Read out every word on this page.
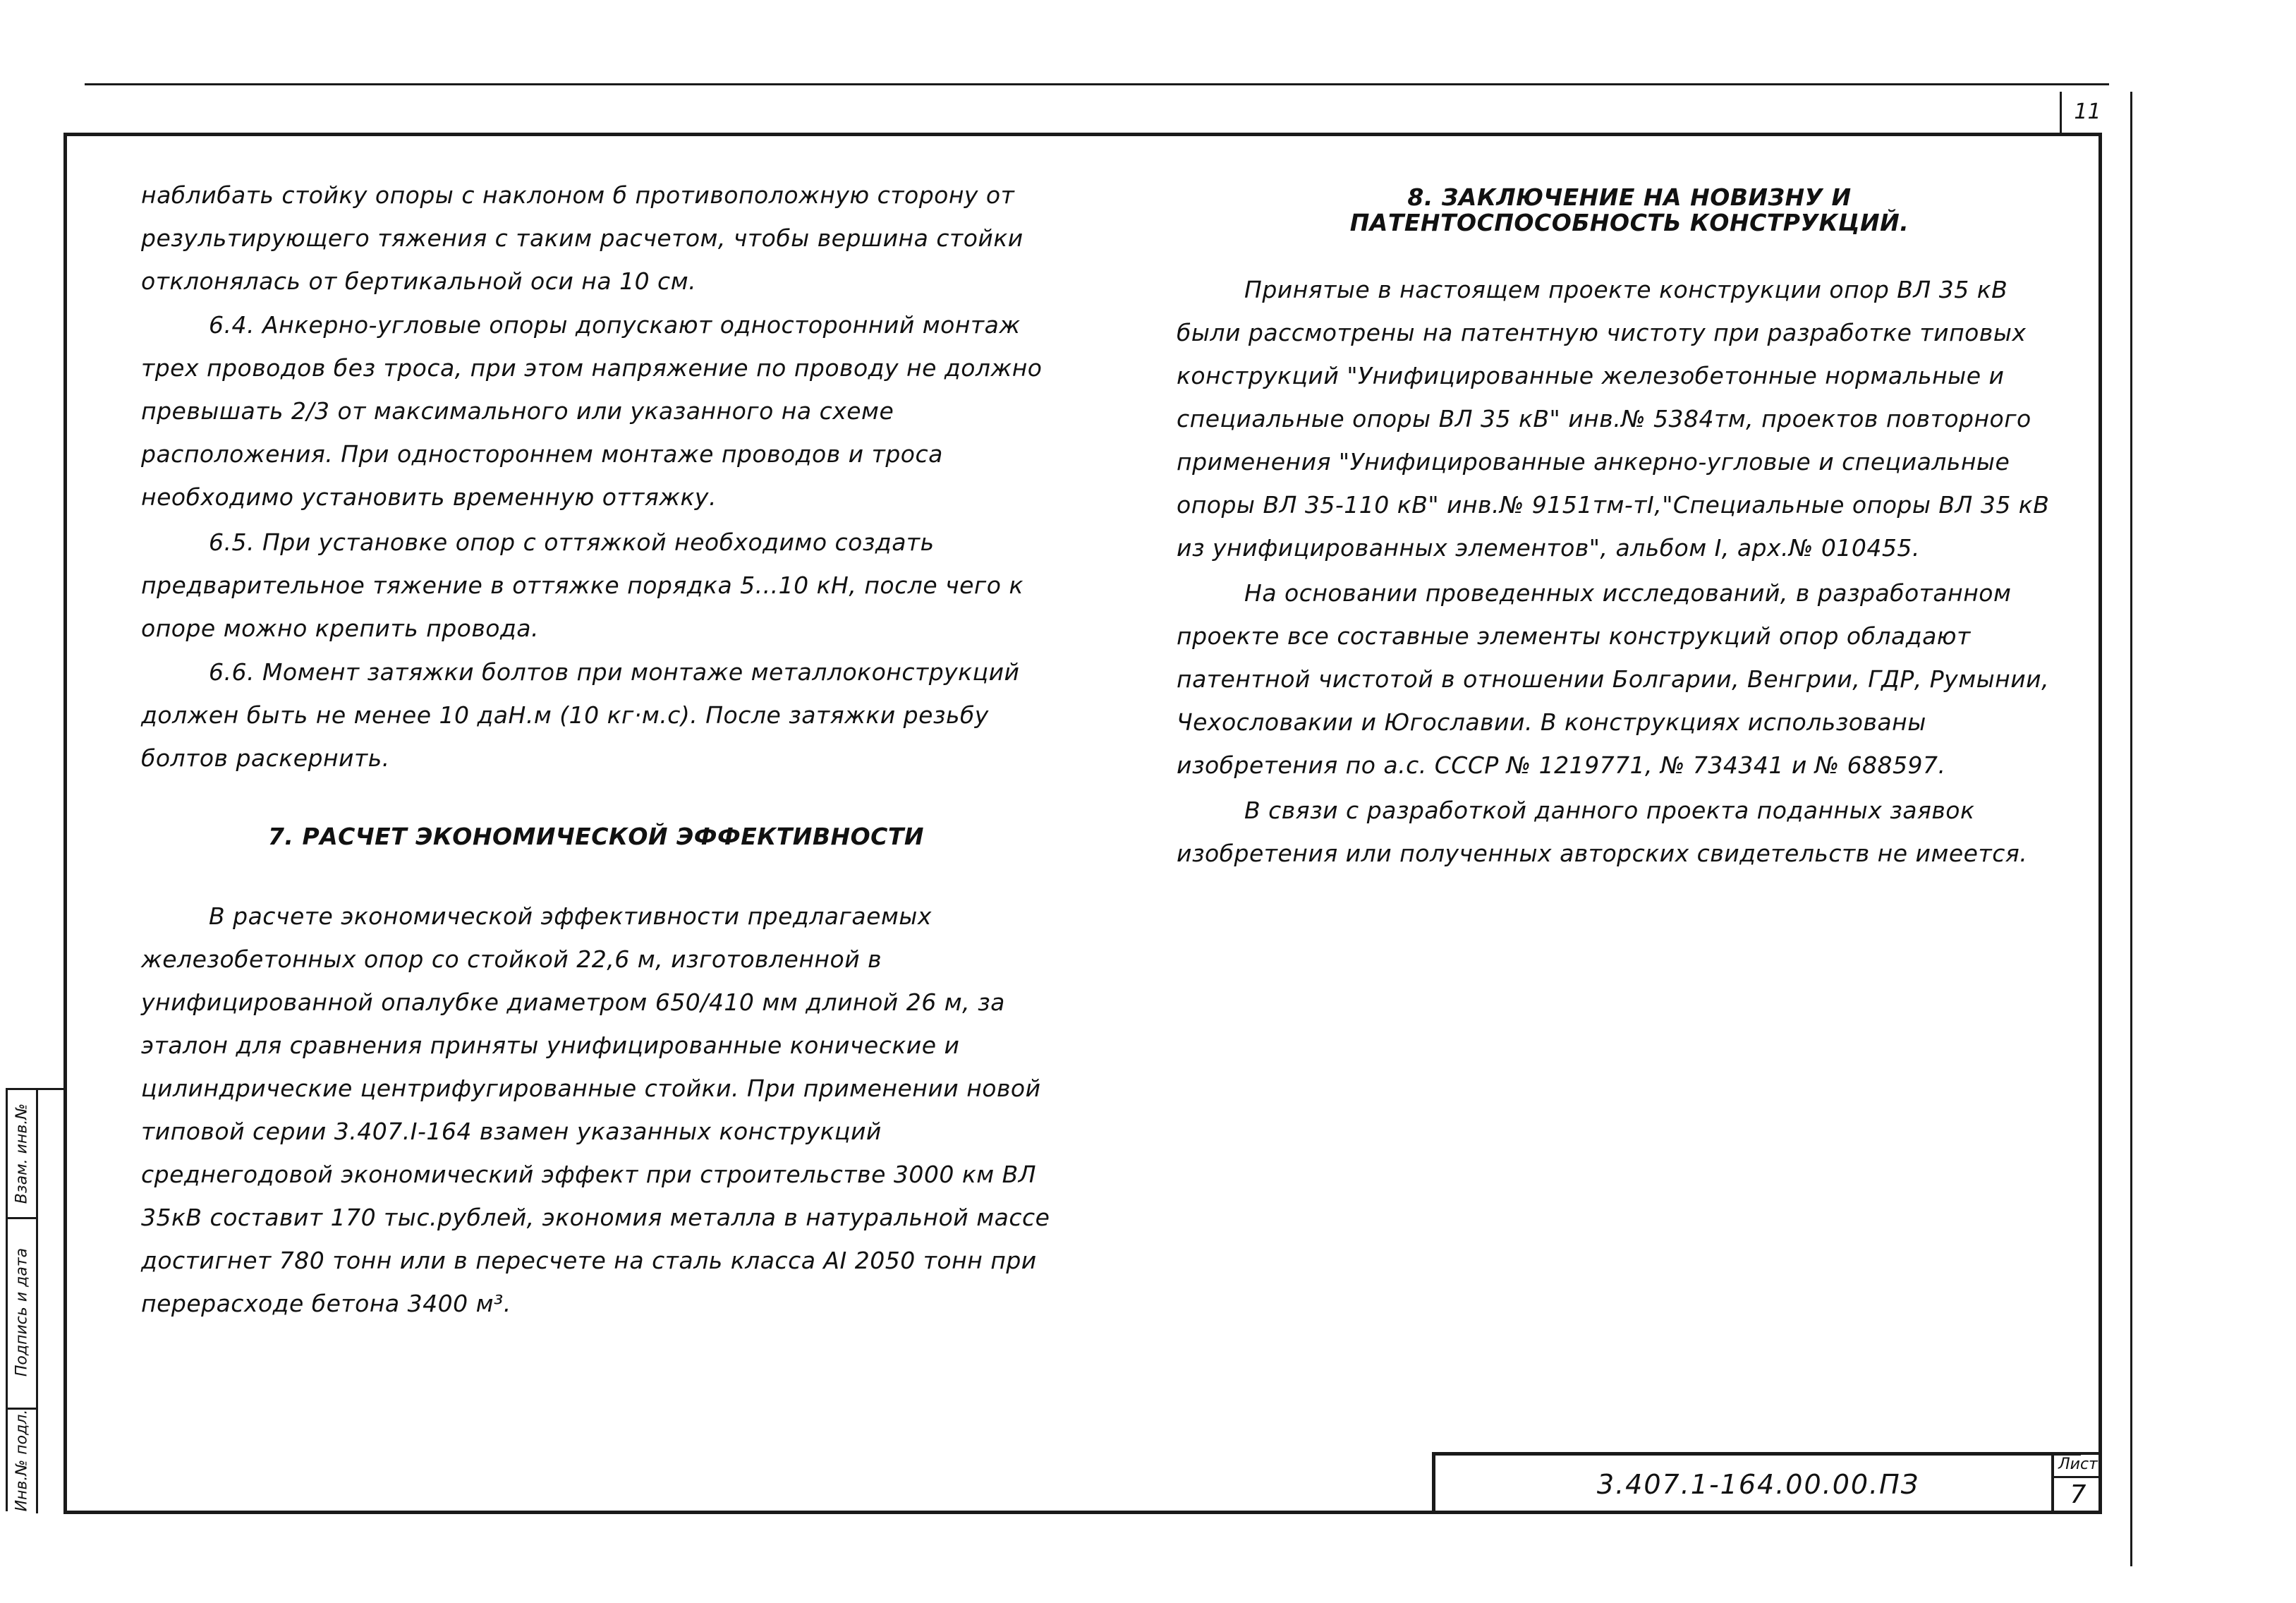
11

наблибать стойку опоры с наклоном б противоположную сторону от результирующего тяжения с таким расчетом, чтобы вершина стойки отклонялась от бертикальной оси на 10 см.

6.4. Анкерно-угловые опоры допускают односторонний монтаж трех проводов без троса, при этом напряжение по проводу не должно превышать 2/3 от максимального или указанного на схеме расположения. При одностороннем монтаже проводов и троса необходимо установить временную оттяжку.

6.5. При установке опор с оттяжкой необходимо создать предварительное тяжение в оттяжке порядка 5...10 кН, после чего к опоре можно крепить провода.

6.6. Момент затяжки болтов при монтаже металлоконструкций должен быть не менее 10 даН.м (10 кг·м.с). После затяжки резьбу болтов раскернить.

7. РАСЧЕТ ЭКОНОМИЧЕСКОЙ ЭФФЕКТИВНОСТИ

В расчете экономической эффективности предлагаемых железобетонных опор со стойкой 22,6 м, изготовленной в унифицированной опалубке диаметром 650/410 мм длиной 26 м, за эталон для сравнения приняты унифицированные конические и цилиндрические центрифугированные стойки. При применении новой типовой серии 3.407.I-164 взамен указанных конструкций среднегодовой экономический эффект при строительстве 3000 км ВЛ 35кВ составит 170 тыс.рублей, экономия металла в натуральной массе достигнет 780 тонн или в пересчете на сталь класса AI 2050 тонн при перерасходе бетона 3400 м³.

8. ЗАКЛЮЧЕНИЕ НА НОВИЗНУ И ПАТЕНТОСПОСОБНОСТЬ КОНСТРУКЦИЙ.

Принятые в настоящем проекте конструкции опор ВЛ 35 кВ были рассмотрены на патентную чистоту при разработке типовых конструкций "Унифицированные железобетонные нормальные и специальные опоры ВЛ 35 кВ" инв.№ 5384тм, проектов повторного применения "Унифицированные анкерно-угловые и специальные опоры ВЛ 35-110 кВ" инв.№ 9151тм-тI,"Специальные опоры ВЛ 35 кВ из унифицированных элементов", альбом I, арх.№ 010455.

На основании проведенных исследований, в разработанном проекте все составные элементы конструкций опор обладают патентной чистотой в отношении Болгарии, Венгрии, ГДР, Румынии, Чехословакии и Югославии. В конструкциях использованы изобретения по а.с. СССР № 1219771, № 734341 и № 688597.

В связи с разработкой данного проекта поданных заявок изобретения или полученных авторских свидетельств не имеется.

3.407.1-164.00.00.ПЗ
Лист
7
Взам. инв.№
Подпись и дата
Инв.№ подл.
